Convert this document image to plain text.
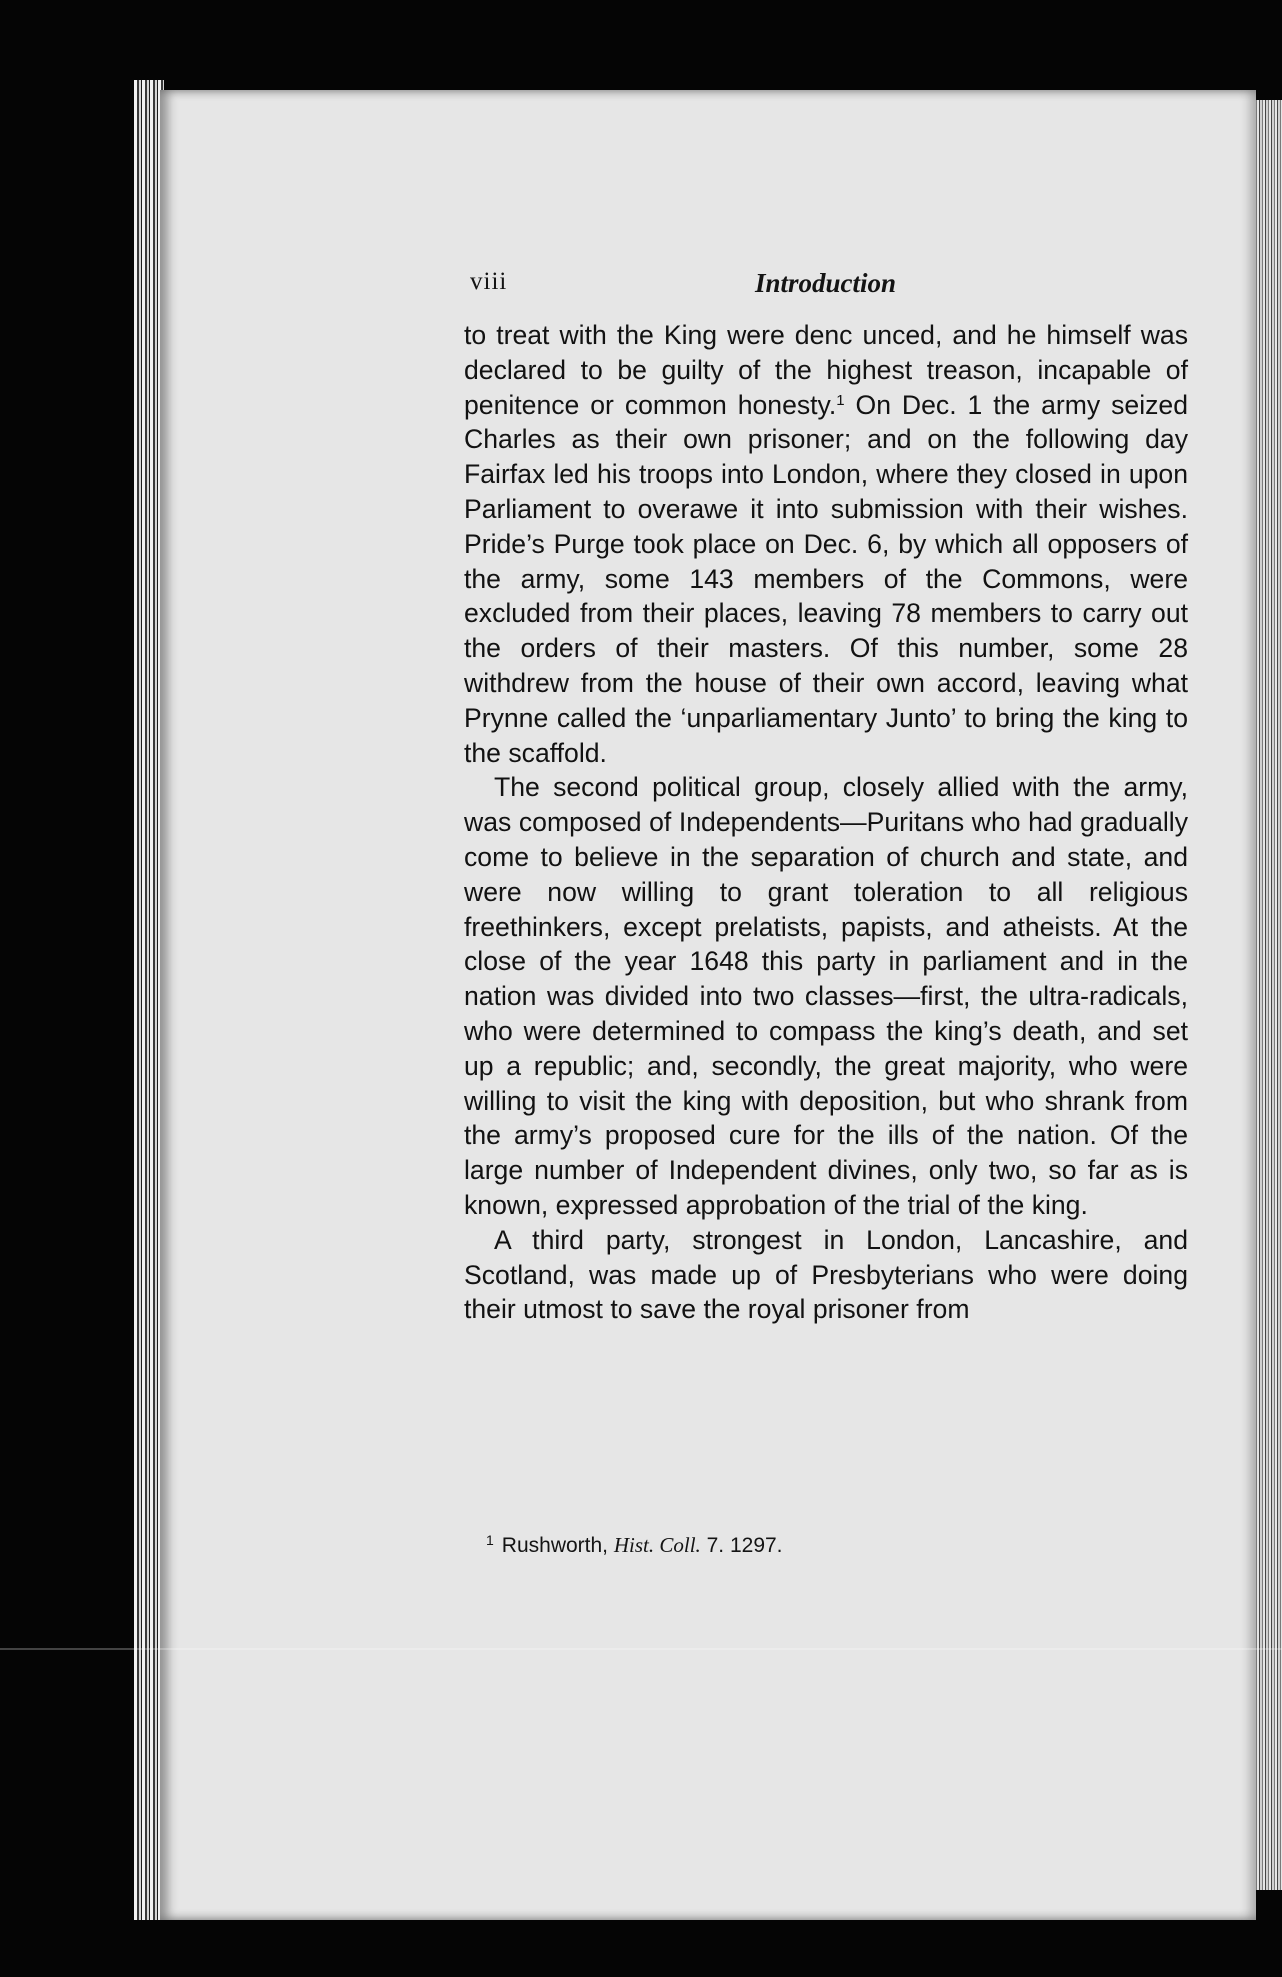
viii	Introduction

to treat with the King were denc unced, and he himself was declared to be guilty of the highest treason, incapable of penitence or common honesty.$^1$ On Dec. 1 the army seized Charles as their own prisoner; and on the following day Fairfax led his troops into London, where they closed in upon Parliament to overawe it into submission with their wishes. Pride’s Purge took place on Dec. 6, by which all opposers of the army, some 143 members of the Commons, were excluded from their places, leaving 78 members to carry out the orders of their masters. Of this number, some 28 withdrew from the house of their own accord, leaving what Prynne called the ‘unparliamentary Junto’ to bring the king to the scaffold.

The second political group, closely allied with the army, was composed of Independents—Puritans who had gradually come to believe in the separation of church and state, and were now willing to grant toleration to all religious freethinkers, except prelatists, papists, and atheists. At the close of the year 1648 this party in parliament and in the nation was divided into two classes—first, the ultra-radicals, who were determined to compass the king’s death, and set up a republic; and, secondly, the great majority, who were willing to visit the king with deposition, but who shrank from the army’s proposed cure for the ills of the nation. Of the large number of Independent divines, only two, so far as is known, expressed approbation of the trial of the king.

A third party, strongest in London, Lancashire, and Scotland, was made up of Presbyterians who were doing their utmost to save the royal prisoner from

$^1$ Rushworth, Hist. Coll. 7. 1297.
